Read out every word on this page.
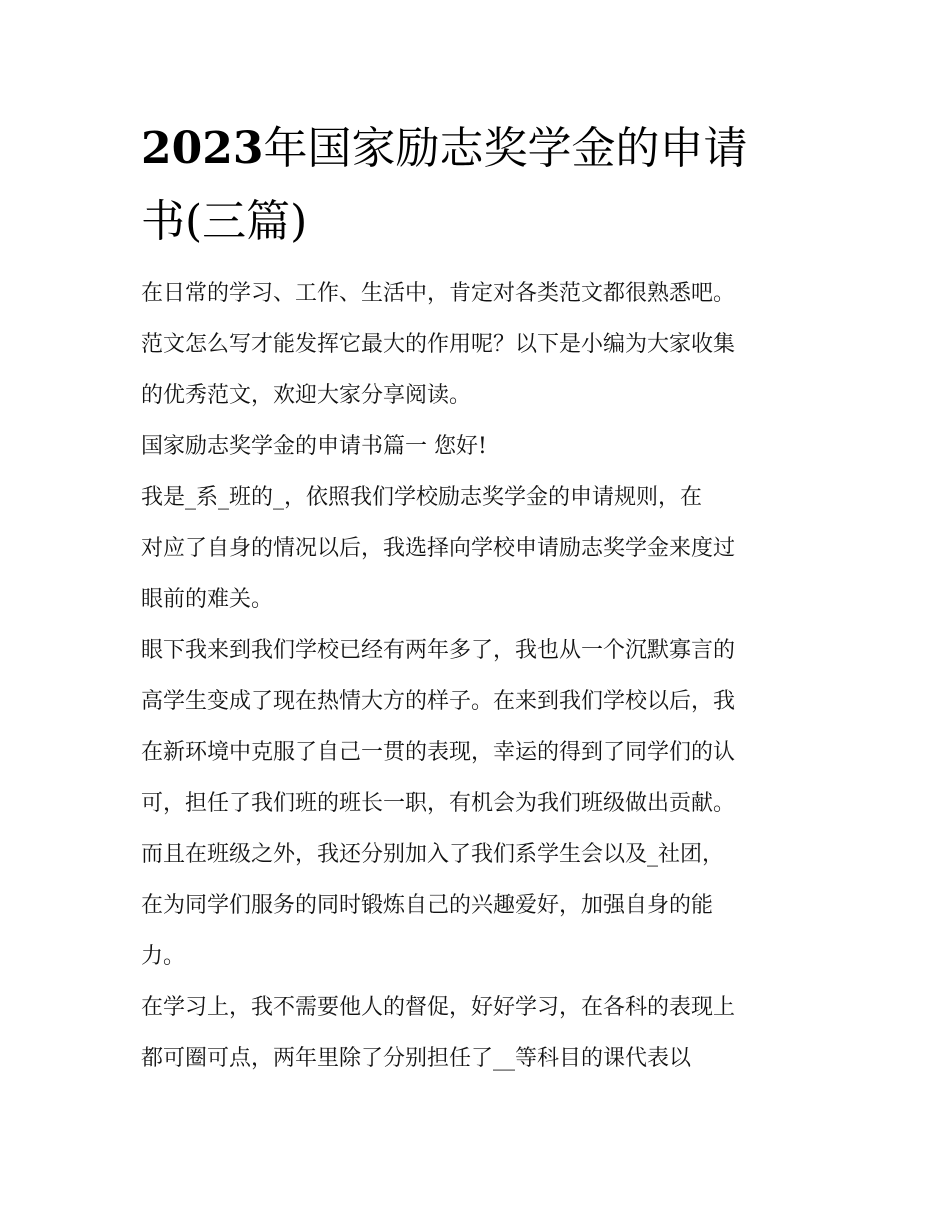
2023年国家励志奖学金的申请
书(三篇)

在日常的学习、工作、生活中，肯定对各类范文都很熟悉吧。
范文怎么写才能发挥它最大的作用呢？以下是小编为大家收集
的优秀范文，欢迎大家分享阅读。

国家励志奖学金的申请书篇一 您好!

我是_系_班的_，依照我们学校励志奖学金的申请规则，在
对应了自身的情况以后，我选择向学校申请励志奖学金来度过
眼前的难关。

眼下我来到我们学校已经有两年多了，我也从一个沉默寡言的
高学生变成了现在热情大方的样子。在来到我们学校以后，我
在新环境中克服了自己一贯的表现，幸运的得到了同学们的认
可，担任了我们班的班长一职，有机会为我们班级做出贡献。
而且在班级之外，我还分别加入了我们系学生会以及_社团，
在为同学们服务的同时锻炼自己的兴趣爱好，加强自身的能
力。

在学习上，我不需要他人的督促，好好学习，在各科的表现上
都可圈可点，两年里除了分别担任了__等科目的课代表以
